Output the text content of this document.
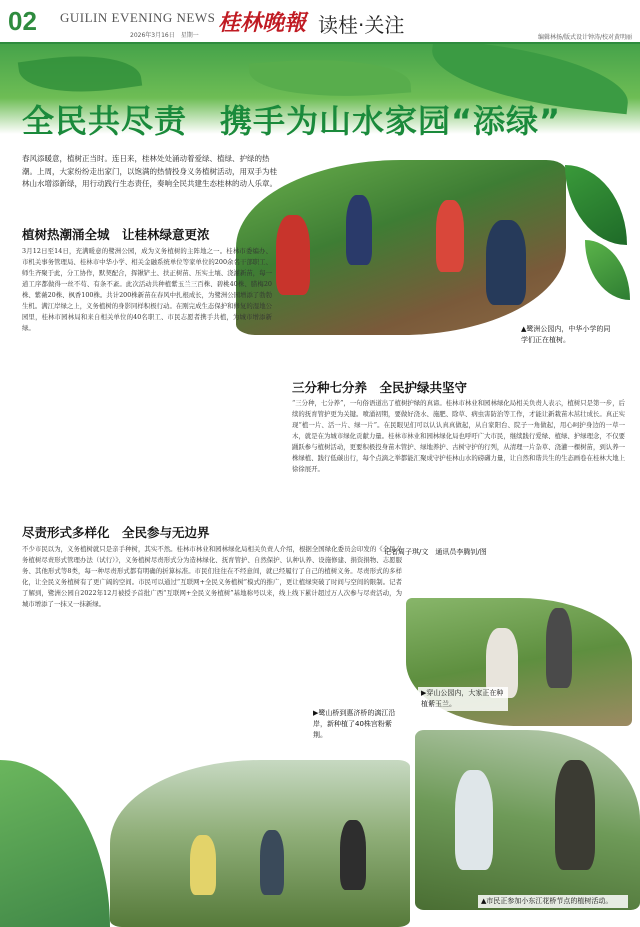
02 GUILIN EVENING NEWS
2026年3月16日　星期一 桂林晚報 读桂·关注
编辑林扬/版式设计钟涛/校对黄明丽
全民共尽责　携手为山水家园“添绿”

春风添暖意，植树正当时。连日来，桂林处处涌动着爱绿、植绿、护绿的热潮。上周，大家纷纷走出家门，以饱满的热情投身义务植树活动，用双手为桂林山水增添新绿，用行动践行生态责任，奏响全民共建生态桂林的动人乐章。

▲鹭洲公园内，中华小学的同学们正在植树。
植树热潮涌全城　让桂林绿意更浓
3月12日至14日，充满暖意的鹭洲公园，成为义务植树的主阵地之一。桂林市委编办、市机关事务管理局、桂林市中华小学、相关金融系统单位等家单位的200余名干部职工、师生齐聚于此，分工协作，默契配合，挥锹铲土、扶正树苗、压实土壤、浇灌新苗，每一道工序都做得一丝不苟、有条不紊。此次活动共种植紫玉兰三百株、碧桃40株、腊梅20株、紫薇20株、枫香100株。共计200株新苗在春风中扎根成长，为鹭洲公园增添了勃勃生机。满江岸绿之上，义务植树的身影同样积极行动。在刚完成生态保护和修复的湿地公园里，桂林市园林局和来自相关单位的40名职工、市民志愿者携手共植，为城市增添新绿。
尽责形式多样化　全民参与无边界
不少市民以为，义务植树就只是亲手种树，其实不然。桂林市林业和园林绿化局相关负责人介绍，根据全国绿化委员会印发的《全民义务植树尽责形式管理办法（试行）》，义务植树尽责形式分为造林绿化、抚育管护、自然保护、认种认养、设施修建、捐资捐物、志愿服务、其他形式等8类，每一种尽责形式都有明确的折算标准。市民们往往在不经意间，就已经履行了自己的植树义务。尽责形式的多样化，让全民义务植树有了更广阔的空间。市民可以通过“互联网+全民义务植树”模式的推广，更让植绿突破了时间与空间的限制。记者了解到，鹭洲公园自2022年12月被授予首批广西“互联网+全民义务植树”基地称号以来，线上线下累计超过万人次参与尽责活动，为城市增添了一抹又一抹新绿。
三分种七分养　全民护绿共坚守
“三分种，七分养”，一句俗语道出了植树护绿的真谛。桂林市林业和园林绿化局相关负责人表示，植树只是第一步，后续的抚育管护更为关键。喷涌初期，要做好浇水、施肥、除草、病虫害防治等工作，才能让新栽苗木茁壮成长。真正实现“植一片、活一片、绿一片”。在民眼见们可以认认真真做起，从自家阳台、院子一角做起，用心呵护身边的一草一木，就是在为城市绿化贡献力量。桂林市林业和园林绿化局也呼吁广大市民，继续践行爱绿、植绿、护绿理念，不仅要踊跃参与植树活动，更要积极投身苗木管护、绿地养护、古树守护的行列，从清理一片杂草、浇灌一棵树苗，到认养一株绿植、践行低碳出行，每个点滴之举都能汇聚成守护桂林山水的磅礴力量，让自然和谐共生的生态画卷在桂林大地上徐徐展开。
记者周子琪/文　通讯员李腾钊/图
▶穿山公园内，大家正在种植紫玉兰。
▶鹭山桥到惠济桥的漓江沿岸，新种植了40株宫粉紫荆。
▲市民正参加小东江花桥节点的植树活动。
